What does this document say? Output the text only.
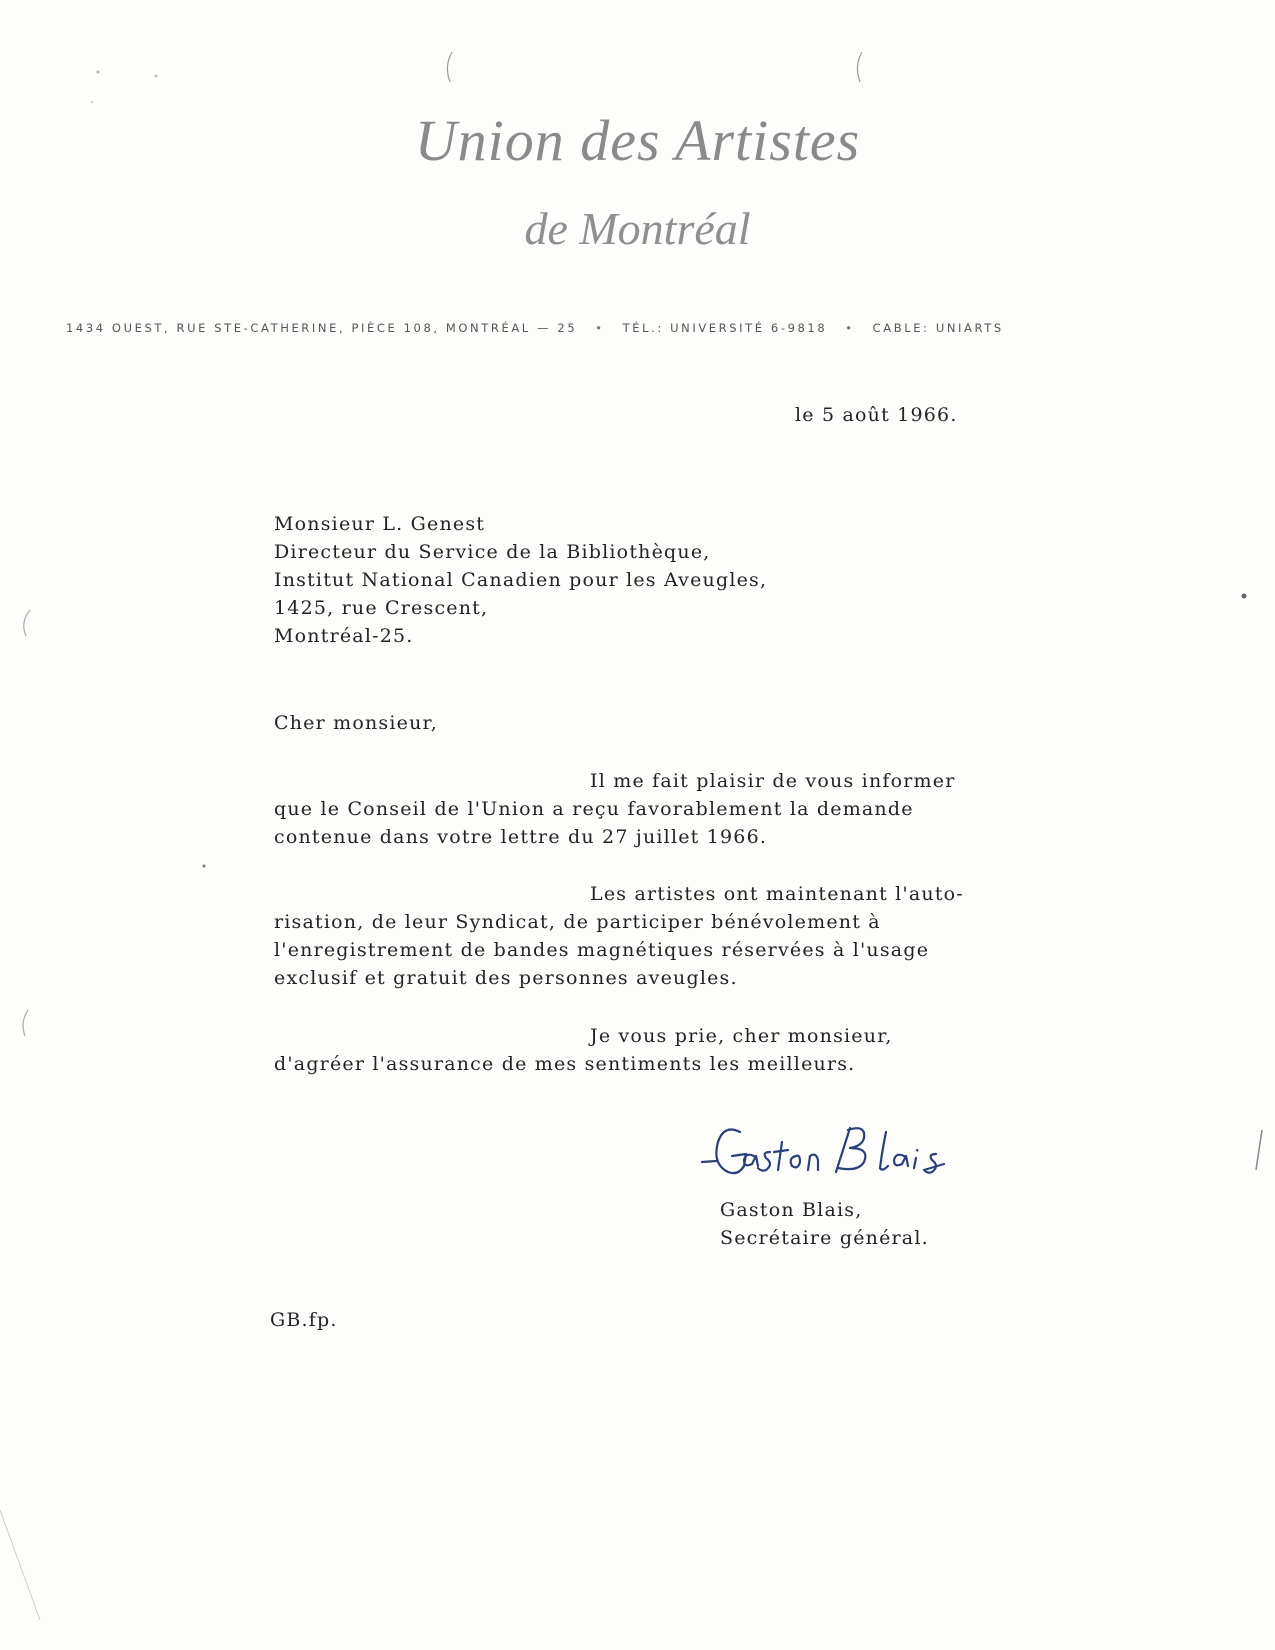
Union des Artistes
de Montréal
1434 OUEST, RUE STE-CATHERINE, PIÈCE 108, MONTRÉAL — 25 • TÉL.: UNIVERSITÉ 6-9818 • CABLE: UNIARTS
le 5 août 1966.
Monsieur L. Genest
Directeur du Service de la Bibliothèque,
Institut National Canadien pour les Aveugles,
1425, rue Crescent,
Montréal-25.
Cher monsieur,
Il me fait plaisir de vous informer
que le Conseil de l'Union a reçu favorablement la demande
contenue dans votre lettre du 27 juillet 1966.
Les artistes ont maintenant l'auto-
risation, de leur Syndicat, de participer bénévolement à
l'enregistrement de bandes magnétiques réservées à l'usage
exclusif et gratuit des personnes aveugles.
Je vous prie, cher monsieur,
d'agréer l'assurance de mes sentiments les meilleurs.
Gaston Blais
Gaston Blais,
Secrétaire général.
GB.fp.
